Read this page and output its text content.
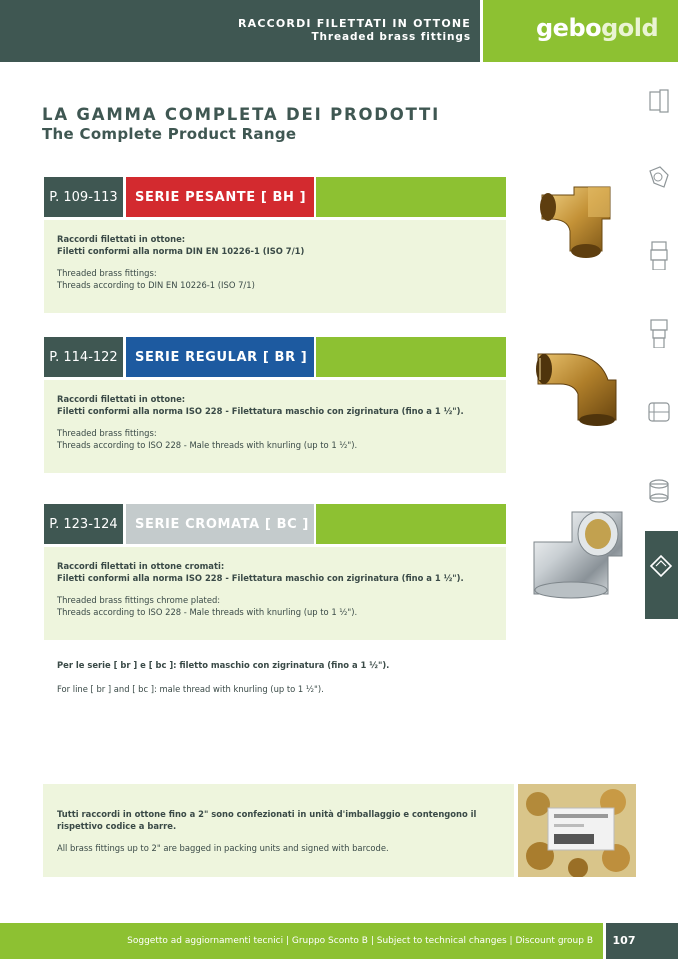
RACCORDI FILETTATI IN OTTONE
Threaded brass fittings	gebogold
LA GAMMA COMPLETA DEI PRODOTTI
The Complete Product Range
P. 109-113	SERIE PESANTE [ BH ]
Raccordi filettati in ottone:
Filetti conformi alla norma DIN EN 10226-1 (ISO 7/1)
Threaded brass fittings:
Threads according to DIN EN 10226-1 (ISO 7/1)
P. 114-122	SERIE REGULAR [ BR ]
Raccordi filettati in ottone:
Filetti conformi alla norma ISO 228 - Filettatura maschio con zigrinatura (fino a 1 ½").
Threaded brass fittings:
Threads according to ISO 228 - Male threads with knurling (up to 1 ½").
P. 123-124	SERIE CROMATA [ BC ]
Raccordi filettati in ottone cromati:
Filetti conformi alla norma ISO 228 - Filettatura maschio con zigrinatura (fino a 1 ½").
Threaded brass fittings chrome plated:
Threads according to ISO 228 - Male threads with knurling (up to 1 ½").
Per le serie [ br ] e [ bc ]: filetto maschio con zigrinatura (fino a 1 ½").
For line [ br ] and [ bc ]: male thread with knurling (up to 1 ½").
Tutti raccordi in ottone fino a 2" sono confezionati in unità d'imballaggio e contengono il
rispettivo codice a barre.
All brass fittings up to 2" are bagged in packing units and signed with barcode.
Soggetto ad aggiornamenti tecnici | Gruppo Sconto B | Subject to technical changes | Discount group B	107
